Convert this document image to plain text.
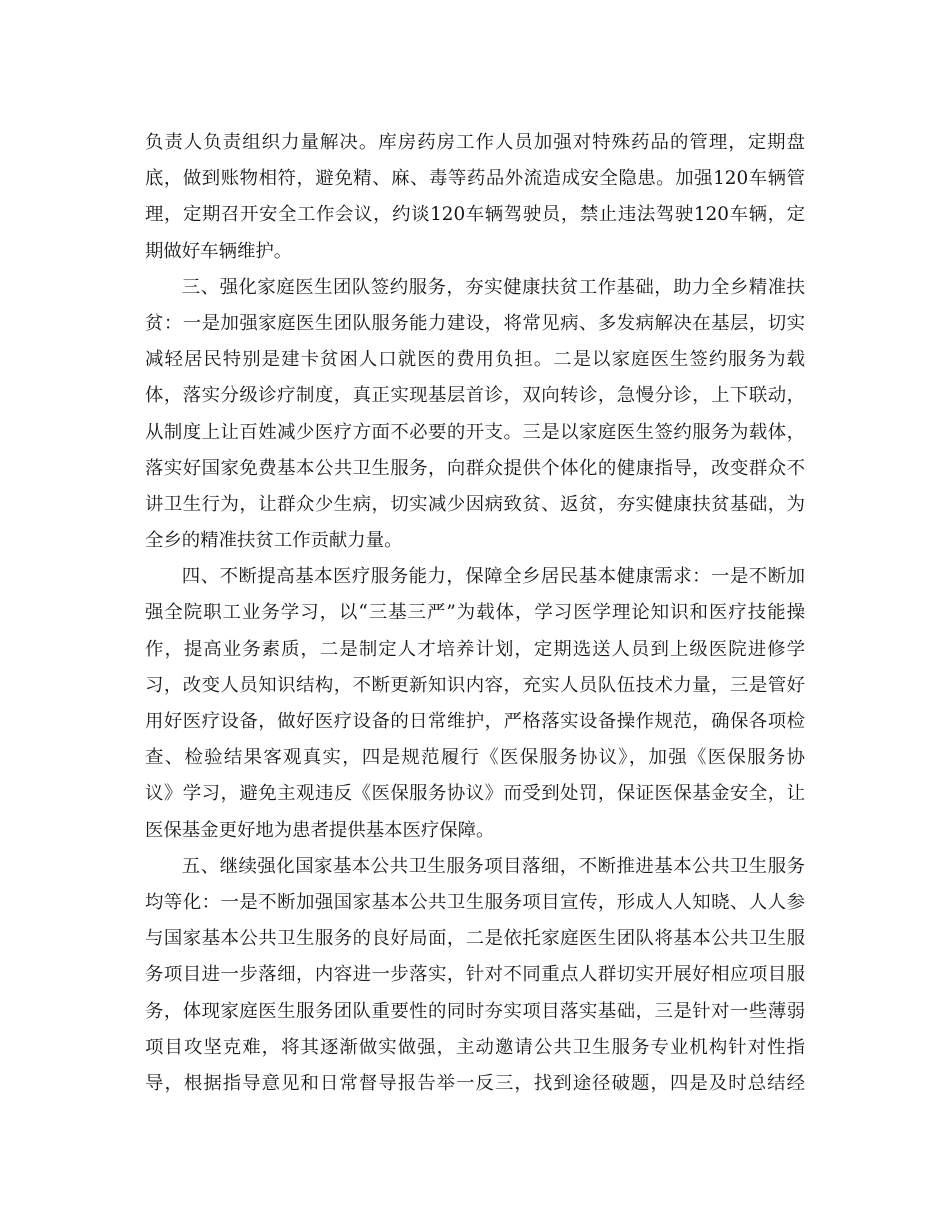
负责人负责组织力量解决。库房药房工作人员加强对特殊药品的管理，定期盘
底，做到账物相符，避免精、麻、毒等药品外流造成安全隐患。加强120车辆管
理，定期召开安全工作会议，约谈120车辆驾驶员，禁止违法驾驶120车辆，定
期做好车辆维护。
三、强化家庭医生团队签约服务，夯实健康扶贫工作基础，助力全乡精准扶
贫：一是加强家庭医生团队服务能力建设，将常见病、多发病解决在基层，切实
减轻居民特别是建卡贫困人口就医的费用负担。二是以家庭医生签约服务为载
体，落实分级诊疗制度，真正实现基层首诊，双向转诊，急慢分诊，上下联动，
从制度上让百姓减少医疗方面不必要的开支。三是以家庭医生签约服务为载体，
落实好国家免费基本公共卫生服务，向群众提供个体化的健康指导，改变群众不
讲卫生行为，让群众少生病，切实减少因病致贫、返贫，夯实健康扶贫基础，为
全乡的精准扶贫工作贡献力量。
四、不断提高基本医疗服务能力，保障全乡居民基本健康需求：一是不断加
强全院职工业务学习，以“三基三严”为载体，学习医学理论知识和医疗技能操
作，提高业务素质，二是制定人才培养计划，定期选送人员到上级医院进修学
习，改变人员知识结构，不断更新知识内容，充实人员队伍技术力量，三是管好
用好医疗设备，做好医疗设备的日常维护，严格落实设备操作规范，确保各项检
查、检验结果客观真实，四是规范履行《医保服务协议》，加强《医保服务协
议》学习，避免主观违反《医保服务协议》而受到处罚，保证医保基金安全，让
医保基金更好地为患者提供基本医疗保障。
五、继续强化国家基本公共卫生服务项目落细，不断推进基本公共卫生服务
均等化：一是不断加强国家基本公共卫生服务项目宣传，形成人人知晓、人人参
与国家基本公共卫生服务的良好局面，二是依托家庭医生团队将基本公共卫生服
务项目进一步落细，内容进一步落实，针对不同重点人群切实开展好相应项目服
务，体现家庭医生服务团队重要性的同时夯实项目落实基础，三是针对一些薄弱
项目攻坚克难，将其逐渐做实做强，主动邀请公共卫生服务专业机构针对性指
导，根据指导意见和日常督导报告举一反三，找到途径破题，四是及时总结经
